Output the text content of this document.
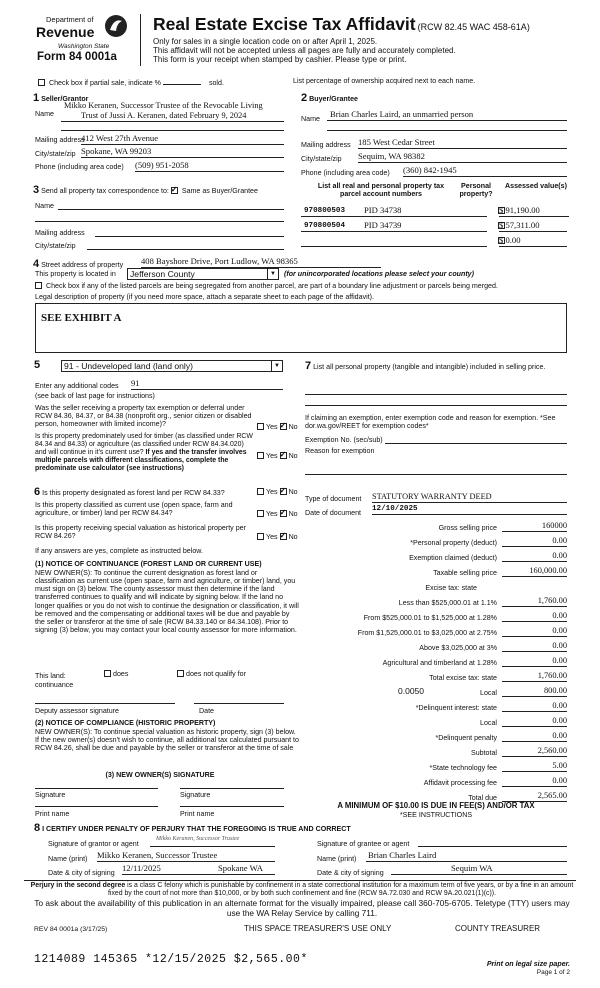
Department of
Revenue
Washington State
Form 84 0001a
Real Estate Excise Tax Affidavit (RCW 82.45 WAC 458-61A)
Only for sales in a single location code on or after April 1, 2025.
This affidavit will not be accepted unless all pages are fully and accurately completed.
This form is your receipt when stamped by cashier. Please type or print.
Check box if partial sale, indicate %	sold.	List percentage of ownership acquired next to each name.
1 Seller/Grantor
Name
Mikko Keranen, Successor Trustee of the Revocable Living
Trust of Jussi A. Keranen, dated February 9, 2024
Mailing address
412 West 27th Avenue
City/state/zip Spokane, WA 99203
Phone (including area code) (509) 951-2058
2 Buyer/Grantee
Name	Brian Charles Laird, an unmarried person
Mailing address 185 West Cedar Street
City/state/zip Sequim, WA 98382
Phone (including area code) (360) 842-1945
3 Send all property tax correspondence to: ✓ Same as Buyer/Grantee
Name
Mailing address
City/state/zip
List all real and personal property tax parcel account numbers
Personal property?
Assessed value(s)
970800503 PID 34738	$ 91,190.00
970800504 PID 34739	$ 57,311.00
$ 0.00
4 Street address of property 408 Bayshore Drive, Port Ludlow, WA 98365
This property is located in	Jefferson County	▼ (for unincorporated locations please select your county)
Check box if any of the listed parcels are being segregated from another parcel, are part of a boundary line adjustment or parcels being merged.
Legal description of property (if you need more space, attach a separate sheet to each page of the affidavit).
SEE EXHIBIT A
5	91 - Undeveloped land (land only)	▼
Enter any additional codes 91
(see back of last page for instructions)
Was the seller receiving a property tax exemption or deferral under RCW 84.36, 84.37, or 84.38 (nonprofit org., senior citizen or disabled person, homeowner with limited income)?	Yes ✓ No
Is this property predominately used for timber (as classified under RCW 84.34 and 84.33) or agriculture (as classified under RCW 84.34.020) and will continue in it's current use? If yes and the transfer involves multiple parcels with different classifications, complete the predominate use calculator (see instructions)
Yes ✓ No
7 List all personal property (tangible and intangible) included in selling price.
If claiming an exemption, enter exemption code and reason for exemption. *See dor.wa.gov/REET for exemption codes*
Exemption No. (sec/sub)
Reason for exemption
6 Is this property designated as forest land per RCW 84.33?	Yes ✓ No
Is this property classified as current use (open space, farm and agriculture, or timber) land per RCW 84.34?	Yes ✓ No
Is this property receiving special valuation as historical property per RCW 84.26?	Yes ✓ No
If any answers are yes, complete as instructed below.
(1) NOTICE OF CONTINUANCE (FOREST LAND OR CURRENT USE)
NEW OWNER(S): To continue the current designation as forest land or classification as current use (open space, farm and agriculture, or timber) land, you must sign on (3) below. The county assessor must then determine if the land transferred continues to qualify and will indicate by signing below. If the land no longer qualifies or you do not wish to continue the designation or classification, it will be removed and the compensating or additional taxes will be due and payable by the seller or transferor at the time of sale (RCW 84.33.140 or 84.34.108). Prior to signing (3) below, you may contact your local county assessor for more information.
This land:
continuance
does	does not qualify for
Deputy assessor signature	Date
(2) NOTICE OF COMPLIANCE (HISTORIC PROPERTY)
NEW OWNER(S): To continue special valuation as historic property, sign (3) below. If the new owner(s) doesn't wish to continue, all additional tax calculated pursuant to RCW 84.26, shall be due and payable by the seller or transferor at the time of sale
(3) NEW OWNER(S) SIGNATURE
Signature	Signature
Print name	Print name
Type of document STATUTORY WARRANTY DEED
Date of document 12/10/2025
Gross selling price	160000
*Personal property (deduct)	0.00
Exemption claimed (deduct)	0.00
Taxable selling price	160,000.00
Excise tax: state
Less than $525,000.01 at 1.1%	1,760.00
From $525,000.01 to $1,525,000 at 1.28%	0.00
From $1,525,000.01 to $3,025,000 at 2.75%	0.00
Above $3,025,000 at 3%	0.00
Agricultural and timberland at 1.28%	0.00
Total excise tax: state	1,760.00
0.0050	Local	800.00
*Delinquent interest: state	0.00
Local	0.00
*Delinquent penalty	0.00
Subtotal	2,560.00
*State technology fee	5.00
Affidavit processing fee	0.00
Total due	2,565.00
A MINIMUM OF $10.00 IS DUE IN FEE(S) AND/OR TAX
*SEE INSTRUCTIONS
8 I CERTIFY UNDER PENALTY OF PERJURY THAT THE FOREGOING IS TRUE AND CORRECT
Signature of grantor or agent
Mikko Keranen, Successor Trustee
Name (print) Mikko Keranen, Successor Trustee
Date & city of signing 12/11/2025	Spokane WA
Signature of grantee or agent
Name (print) Brian Charles Laird
Date & city of signing	Sequim WA
Perjury in the second degree is a class C felony which is punishable by confinement in a state correctional institution for a maximum term of five years, or by a fine in an amount fixed by the court of not more than $10,000, or by both such confinement and fine (RCW 9A.72.030 and RCW 9A.20.021(1)(c)).
To ask about the availability of this publication in an alternate format for the visually impaired, please call 360-705-6705. Teletype (TTY) users may use the WA Relay Service by calling 711.
REV 84 0001a (3/17/25)	THIS SPACE TREASURER'S USE ONLY	COUNTY TREASURER
1214089 145365 *12/15/2025 $2,565.00*	Print on legal size paper.
Page 1 of 2
